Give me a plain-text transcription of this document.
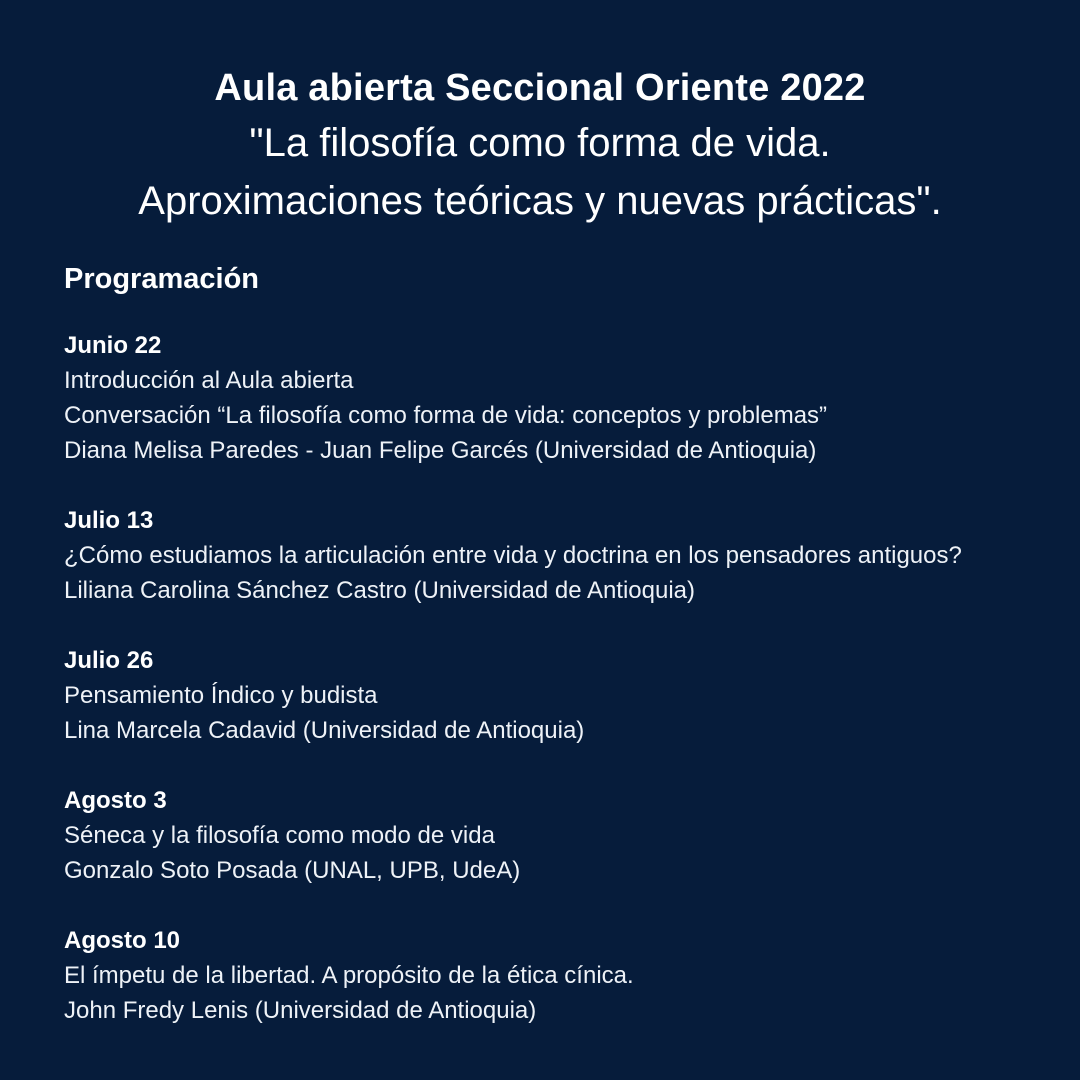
Aula abierta Seccional Oriente 2022

"La filosofía como forma de vida.
Aproximaciones teóricas y nuevas prácticas".

Programación

Junio 22

Introducción al Aula abierta

Conversación “La filosofía como forma de vida: conceptos y problemas”

Diana Melisa Paredes - Juan Felipe Garcés (Universidad de Antioquia)

Julio 13

¿Cómo estudiamos la articulación entre vida y doctrina en los pensadores antiguos?

Liliana Carolina Sánchez Castro (Universidad de Antioquia)

Julio 26

Pensamiento Índico y budista

Lina Marcela Cadavid (Universidad de Antioquia)

Agosto 3

Séneca y la filosofía como modo de vida

Gonzalo Soto Posada (UNAL, UPB, UdeA)

Agosto 10

El ímpetu de la libertad. A propósito de la ética cínica.

John Fredy Lenis (Universidad de Antioquia)
